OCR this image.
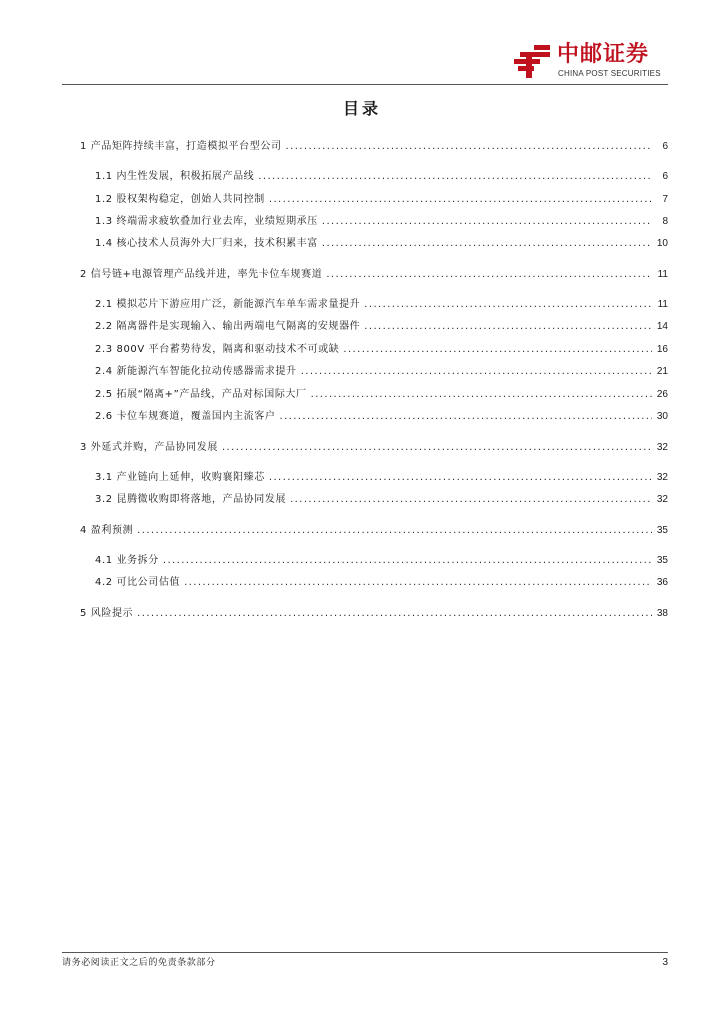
中邮证券
CHINA POST SECURITIES
目录
1 产品矩阵持续丰富，打造模拟平台型公司 .....	6
1.1 内生性发展，积极拓展产品线 .....	6
1.2 股权架构稳定，创始人共同控制 .....	7
1.3 终端需求疲软叠加行业去库，业绩短期承压 .....	8
1.4 核心技术人员海外大厂归来，技术积累丰富 .....	10
2 信号链+电源管理产品线并进，率先卡位车规赛道 .....	11
2.1 模拟芯片下游应用广泛，新能源汽车单车需求量提升 .....	11
2.2 隔离器件是实现输入、输出两端电气隔离的安规器件 .....	14
2.3 800V 平台蓄势待发，隔离和驱动技术不可或缺 .....	16
2.4 新能源汽车智能化拉动传感器需求提升 .....	21
2.5 拓展“隔离+”产品线，产品对标国际大厂 .....	26
2.6 卡位车规赛道，覆盖国内主流客户 .....	30
3 外延式并购，产品协同发展 .....	32
3.1 产业链向上延伸，收购襄阳臻芯 .....	32
3.2 昆腾微收购即将落地，产品协同发展 .....	32
4 盈利预测 .....	35
4.1 业务拆分 .....	35
4.2 可比公司估值 .....	36
5 风险提示 .....	38
请务必阅读正文之后的免责条款部分	3
